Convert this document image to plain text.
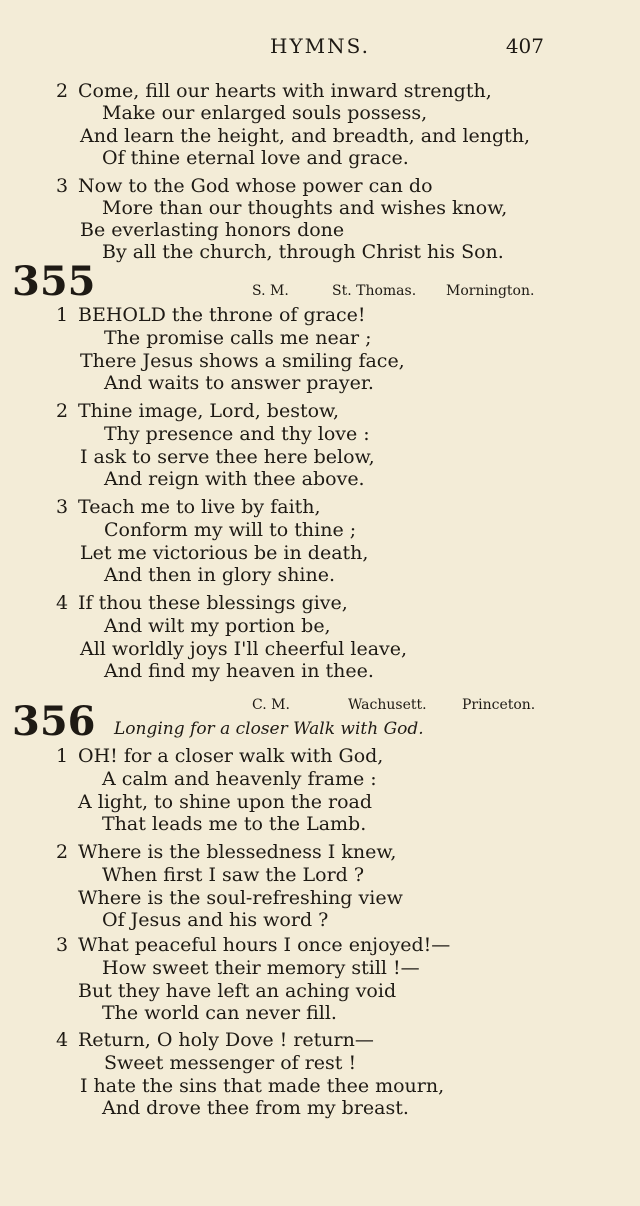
HYMNS.	407
2 Come, fill our hearts with inward strength,
Make our enlarged souls possess,
And learn the height, and breadth, and length,
Of thine eternal love and grace.
3 Now to the God whose power can do
More than our thoughts and wishes know,
Be everlasting honors done
By all the church, through Christ his Son.
355	S. M.	St. Thomas. Mornington.
1 BEHOLD the throne of grace!
The promise calls me near ;
There Jesus shows a smiling face,
And waits to answer prayer.
2 Thine image, Lord, bestow,
Thy presence and thy love :
I ask to serve thee here below,
And reign with thee above.
3 Teach me to live by faith,
Conform my will to thine ;
Let me victorious be in death,
And then in glory shine.
4 If thou these blessings give,
And wilt my portion be,
All worldly joys I'll cheerful leave,
And find my heaven in thee.
C. M.	Wachusett.	Princeton.
356 Longing for a closer Walk with God.
1 OH! for a closer walk with God,
A calm and heavenly frame :
A light, to shine upon the road
That leads me to the Lamb.
2 Where is the blessedness I knew,
When first I saw the Lord ?
Where is the soul-refreshing view
Of Jesus and his word ?
3 What peaceful hours I once enjoyed!—
How sweet their memory still !—
But they have left an aching void
The world can never fill.
4 Return, O holy Dove ! return—
Sweet messenger of rest !
I hate the sins that made thee mourn,
And drove thee from my breast.
